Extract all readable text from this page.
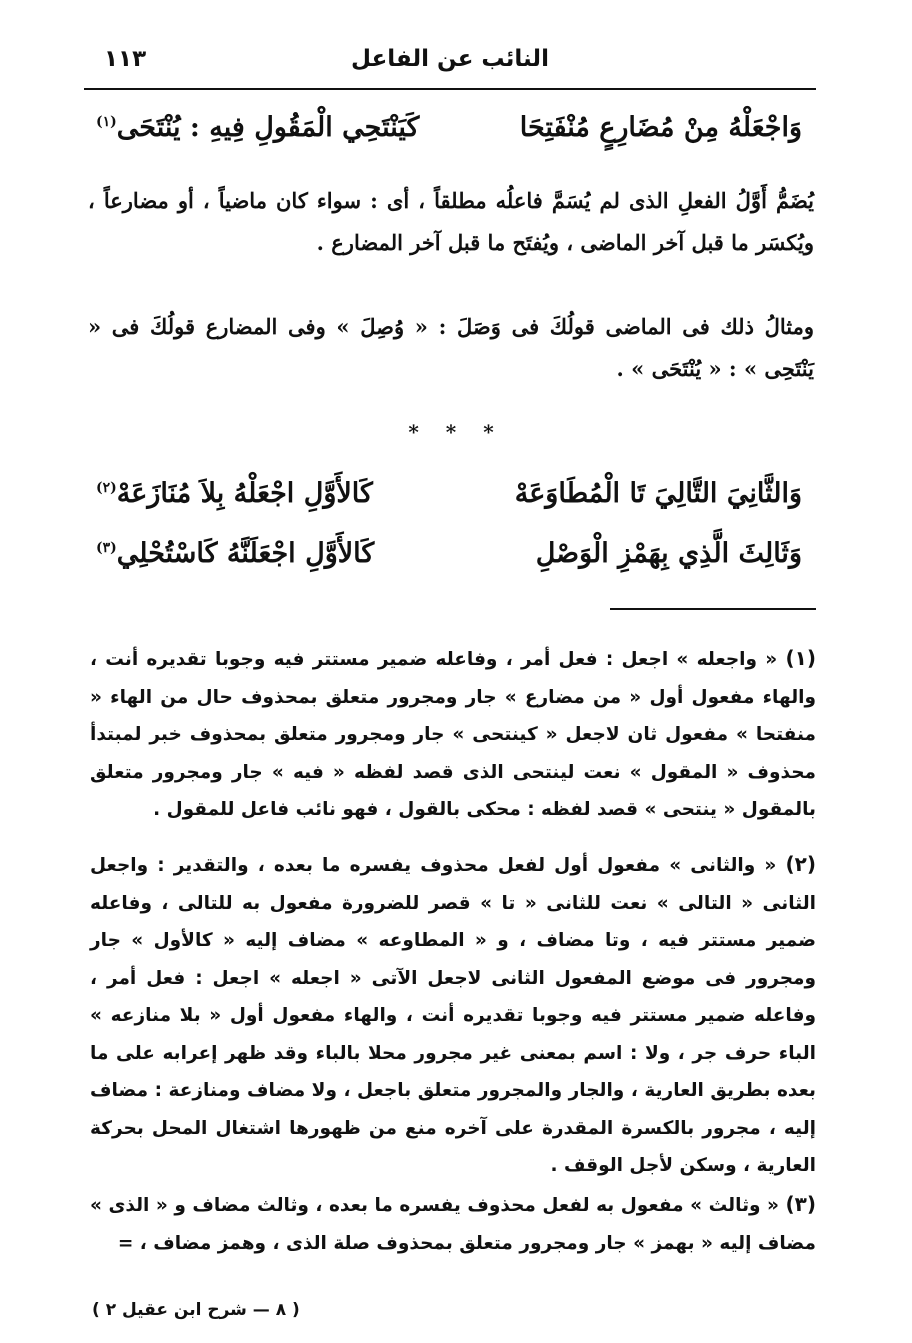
النائب عن الفاعل
١١٣
وَاجْعَلْهُ مِنْ مُضَارِعٍ مُنْفَتِحَا
كَيَنْتَحِي الْمَقُولِ فِيهِ : يُنْتَحَى$^{(١)}$
يُضَمُّ أَوَّلُ الفعلِ الذى لم يُسَمَّ فاعلُه مطلقاً ، أى : سواء كان ماضياً ، أو مضارعاً ، ويُكسَر ما قبل آخر الماضى ، ويُفتَح ما قبل آخر المضارع .
ومثالُ ذلك فى الماضى قولُكَ فى وَصَلَ : « وُصِلَ » وفى المضارع قولُكَ فى « يَنْتَحِى » : « يُنْتَحَى » .
* * *
وَالثَّانِيَ التَّالِيَ تَا الْمُطَاوَعَهْ
كَالأَوَّلِ اجْعَلْهُ بِلاَ مُنَازَعَهْ$^{(٢)}$
وَثَالِثَ الَّذِي بِهَمْزِ الْوَصْلِ
كَالأَوَّلِ اجْعَلَنَّهُ كَاسْتُحْلِي$^{(٣)}$
(١) « واجعله » اجعل : فعل أمر ، وفاعله ضمير مستتر فيه وجوبا تقديره أنت ، والهاء مفعول أول « من مضارع » جار ومجرور متعلق بمحذوف حال من الهاء « منفتحا » مفعول ثان لاجعل « كينتحى » جار ومجرور متعلق بمحذوف خبر لمبتدأ محذوف « المقول » نعت لينتحى الذى قصد لفظه « فيه » جار ومجرور متعلق بالمقول « ينتحى » قصد لفظه : محكى بالقول ، فهو نائب فاعل للمقول .
(٢) « والثانى » مفعول أول لفعل محذوف يفسره ما بعده ، والتقدير : واجعل الثانى « التالى » نعت للثانى « تا » قصر للضرورة مفعول به للتالى ، وفاعله ضمير مستتر فيه ، وتا مضاف ، و « المطاوعه » مضاف إليه « كالأول » جار ومجرور فى موضع المفعول الثانى لاجعل الآتى « اجعله » اجعل : فعل أمر ، وفاعله ضمير مستتر فيه وجوبا تقديره أنت ، والهاء مفعول أول « بلا منازعه » الباء حرف جر ، ولا : اسم بمعنى غير مجرور محلا بالباء وقد ظهر إعرابه على ما بعده بطريق العارية ، والجار والمجرور متعلق باجعل ، ولا مضاف ومنازعة : مضاف إليه ، مجرور بالكسرة المقدرة على آخره منع من ظهورها اشتغال المحل بحركة العارية ، وسكن لأجل الوقف .
(٣) « وثالث » مفعول به لفعل محذوف يفسره ما بعده ، وثالث مضاف و « الذى » مضاف إليه « بهمز » جار ومجرور متعلق بمحذوف صلة الذى ، وهمز مضاف ، =
( ٨ — شرح ابن عقيل ٢ )
